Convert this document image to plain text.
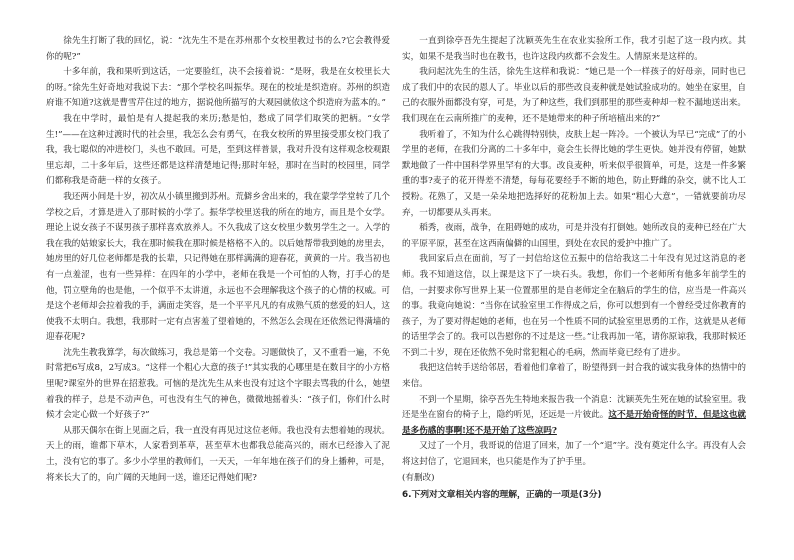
徐先生打断了我的回忆，说：“沈先生不是在苏州那个女校里教过书的么?它会教得爱你的呢?”

十多年前，我和果听到这话，一定要脸红，决不会接着说：“是呀，我是在女校里长大的呀。”徐先生好奇地对我说下去：“那个学校名叫振华。现在的校址是织造府。苏州的织造府谁不知道?这就是曹雪芹住过的地方，据说他所描写的大观园就依这个织造府为蓝本的。”

我在中学时，最怕是有人提起我的来历;愁是怕，愁成了同学们取笑的把柄。“女学生!”——在这种过渡时代的社会里，我怎么会有勇气，在我女校所的界里接受那女校门我了我，我七聪似的冲进校门，头也不敢回。可是，至到这样普景，我对升没有这样观念校观跟里忘却，二十多年后，这些还都是这样清楚地记得;那时年轻，那时在当时的校园里，同学们都称我是奇葩一样的女孩子。

我还两小间是十岁，初次从小镇里搬到苏州。荒僻乡舍出来的，我在蒙学学堂转了几个学校之后，才算是进入了那时候的小学了。振华学校里送我的所在的地方，而且是个女学。理论上说女孩子不谋男孩子那样喜欢放养人。不久我成了这女校里少数男学生之一。入学的我在我的姑娘家长大，我在那时候我在那时候是格格不入的。以后她帮带我到她的房里去，她房里的好几位老师都是我的长辈，只记得她在那样满满的迎春花，黄黄的一片。我当初也有一点羞涩，也有一些异样：在四年的小学中，老师在我是一个可怕的人物，打手心的是他，罚立壁角的也是他，一个似乎不太讲道，永远也不会理解我这个孩子的心情的权威。可是这个老师却会拉着我的手，满面走笑容，是一个平平凡凡的有成熟气质的慈爱的妇人，这使我不太明白。我想，我那时一定有点害羞了望着她的，不然怎么会现在还依然记得满墙的迎春花呢?

沈先生教我算学，每次做练习，我总是第一个交卷。习题做快了，又不重看一遍，不免时常把6写成8，2写成3。“这样一个粗心大意的孩子!”其实我的心哪里是在数目字的小方格里呢?课室外的世界在招惹我。可恼的是沈先生从来也没有过这个字眼去骂我的什么，她望着我的样子，总是不动声色，可也没有生气的神色，微微地摇着头：“孩子们，你们什么时候才会定心做一个好孩子?”

从那天偶尔在街上见面之后，我一直没有再见过这位老师。我也没有去想着她的现状。天上的雨，谁都下草木，人家看到革草，甚至草木也都我总能高兴的，雨水已经渗入了泥土，没有它的事了。多少小学里的教师们，一天天，一年年地在孩子们的身上播种，可是，将来长大了的，向广阔的天地间一送，谁还记得她们呢?

一直到徐亭吾先生提起了沈颖英先生在农业实验所工作，我才引起了这一段内疚。其实，如果不是我当时也在教书，也许这段内疚都不会发生。人情原来是这样的。

我问起沈先生的生活，徐先生这样和我说：“她已是一个一样孩子的好母亲，同时也已成了我们中的农民的恩人了。毕业以后的那些改良麦种就是她试验成功的。她坐在家里，自己的衣服外面都没有穿，可是，为了种这些，我们到那里的那些麦种却一粒不漏地送出来。我们现在在云南所推广的麦种，还不是她带来的种子所培植出来的?”

我听着了，不知为什么心跳得特别快，皮肤上起一阵冷。一个被认为早已“完成”了的小学里的老师，在我们分离的二十多年中，竟会生长得比她的学生更快。她并没有停留，她默默地做了一件中国科学界里罕有的大事。改良麦种，听来似乎很简单，可是，这是一件多繁重的事?麦子的花开得差不清楚，每每花要经手不断的地色，防止野雌的杂交，就不比人工授粉。花熟了，又是一朵朵地把选择好的花粉加上去。如果“粗心大意”，一错就要前功尽弃，一切都要从头再来。

稻秀，夜雨，战争，在阻碍她的成功，可是并没有打倒她。她所改良的麦种已经在广大的平原平原，甚至在这西南偏僻的山国里，到处在农民的爱护中推广了。

我回家后点在面前，写了一封信给这位五振中的信给我这二十年没有见过这消息的老师。我不知道这信，以上课是这下了一块石头。我想，你们一个老师所有他多年前学生的信，一封要求你写世界上某一位置那里的是自老师定全在脑后的学生的信，应当是一件高兴的事。我竟向她说：“当你在试验室里工作得成之后，你可以想到有一个曾经受过你教育的孩子，为了要对得起她的老师，也在另一个性质不同的试验室里思勇的工作，这就是从老师的话里学会了的。我可以告慰你的不过是这一些。”让我再加一笔，请你原谅我，我那时候还不到二十岁，现在还依然不免时常犯粗心的毛病，然而毕竟已经有了进步。

我把这信转手送给邻居，看着他们拿着了，盼望得到一封合我的诚实我身体的热情中的来信。

不到一个星期，徐亭吾先生特地来报告我一个消息：沈颖英先生死在她的试验室里。我还是坐在窗台的椅子上，隐约听见，还远是一片彼此。这不是开始奇怪的时节，但是这也就是多伤感的事啊!还不是开始了这些凉吗?

又过了一个月，我哥说的信退了回来，加了一个“退”字。没有奠定什么字。再没有人会将这封信了，它退回来，也只能是作为了护手里。

(有删改)

6.下列对文章相关内容的理解，正确的一项是(3分)
